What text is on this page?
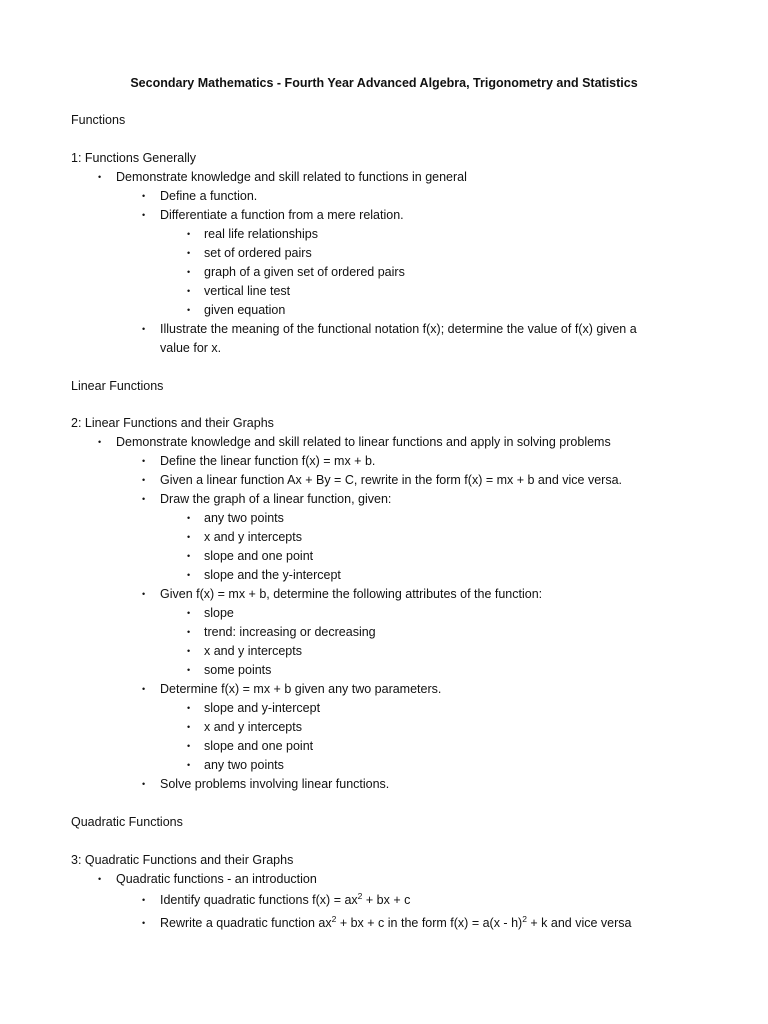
Secondary Mathematics - Fourth Year Advanced Algebra, Trigonometry and Statistics
Functions
1: Functions Generally
• Demonstrate knowledge and skill related to functions in general
• Define a function.
• Differentiate a function from a mere relation.
• real life relationships
• set of ordered pairs
• graph of a given set of ordered pairs
• vertical line test
• given equation
• Illustrate the meaning of the functional notation f(x); determine the value of f(x) given a
value for x.
Linear Functions
2: Linear Functions and their Graphs
• Demonstrate knowledge and skill related to linear functions and apply in solving problems
• Define the linear function f(x) = mx + b.
• Given a linear function Ax + By = C, rewrite in the form f(x) = mx + b and vice versa.
• Draw the graph of a linear function, given:
• any two points
• x and y intercepts
• slope and one point
• slope and the y-intercept
• Given f(x) = mx + b, determine the following attributes of the function:
• slope
• trend: increasing or decreasing
• x and y intercepts
• some points
• Determine f(x) = mx + b given any two parameters.
• slope and y-intercept
• x and y intercepts
• slope and one point
• any two points
• Solve problems involving linear functions.
Quadratic Functions
3: Quadratic Functions and their Graphs
• Quadratic functions - an introduction
• Identify quadratic functions $f(x) = ax^2$ + bx + c
• Rewrite a quadratic function $ax^2$ + bx + c in the form f(x) = a(x - h)$^2$ + k and vice versa
